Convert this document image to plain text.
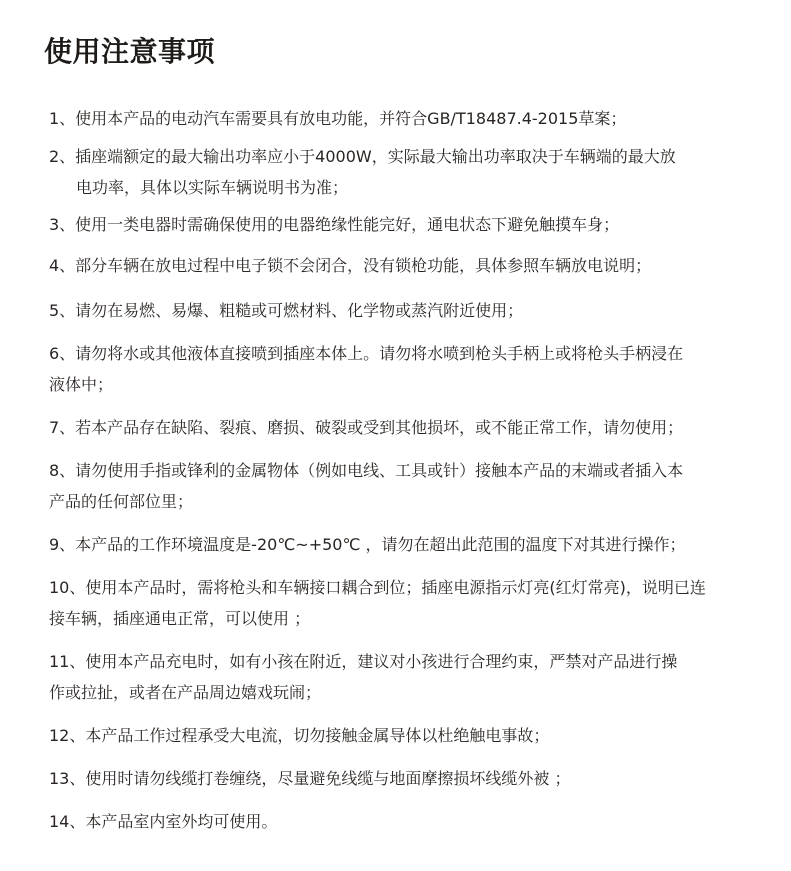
使用注意事项
1、使用本产品的电动汽车需要具有放电功能，并符合GB/T18487.4-2015草案；
2、插座端额定的最大输出功率应小于4000W，实际最大输出功率取决于车辆端的最大放
电功率，具体以实际车辆说明书为准；
3、使用一类电器时需确保使用的电器绝缘性能完好，通电状态下避免触摸车身；
4、部分车辆在放电过程中电子锁不会闭合，没有锁枪功能，具体参照车辆放电说明；
5、请勿在易燃、易爆、粗糙或可燃材料、化学物或蒸汽附近使用；
6、请勿将水或其他液体直接喷到插座本体上。请勿将水喷到枪头手柄上或将枪头手柄浸在
液体中；
7、若本产品存在缺陷、裂痕、磨损、破裂或受到其他损坏，或不能正常工作，请勿使用；
8、请勿使用手指或锋利的金属物体（例如电线、工具或针）接触本产品的末端或者插入本
产品的任何部位里；
9、本产品的工作环境温度是-20℃~+50℃ ，请勿在超出此范围的温度下对其进行操作；
10、使用本产品时，需将枪头和车辆接口耦合到位；插座电源指示灯亮(红灯常亮)，说明已连
接车辆，插座通电正常，可以使用 ；
11、使用本产品充电时，如有小孩在附近，建议对小孩进行合理约束，严禁对产品进行操
作或拉扯，或者在产品周边嬉戏玩闹；
12、本产品工作过程承受大电流，切勿接触金属导体以杜绝触电事故；
13、使用时请勿线缆打卷缠绕，尽量避免线缆与地面摩擦损坏线缆外被 ；
14、本产品室内室外均可使用。
